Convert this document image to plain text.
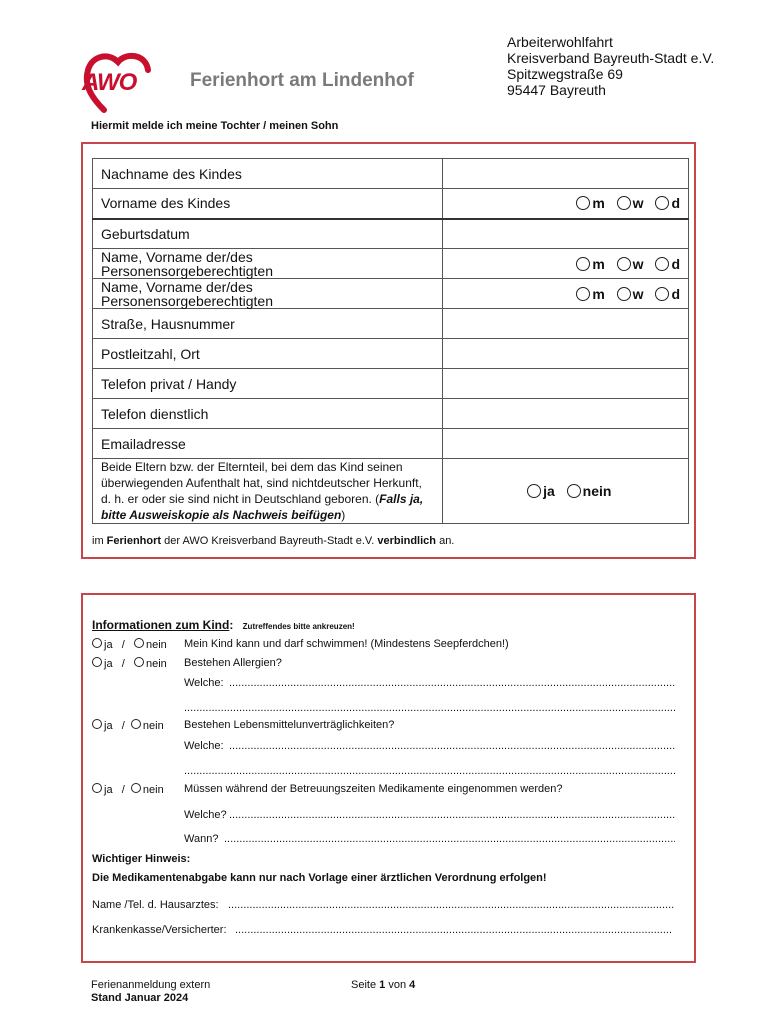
AWO	Ferienhort am Lindenhof
Arbeiterwohlfahrt
Kreisverband Bayreuth-Stadt e.V.
Spitzwegstraße 69
95447 Bayreuth
Hiermit melde ich meine Tochter / meinen Sohn
Nachname des Kindes	
Vorname des Kindes	m w d
Geburtsdatum	

Name, Vorname der/des
Personensorgeberechtigten	m w d

Name, Vorname der/des
Personensorgeberechtigten	m w d
Straße, Hausnummer	
Postleitzahl, Ort	
Telefon privat / Handy	
Telefon dienstlich	
Emailadresse	
Beide Eltern bzw. der Elternteil, bei dem das Kind seinen überwiegenden Aufenthalt hat, sind nichtdeutscher Herkunft, d. h. er oder sie sind nicht in Deutschland geboren. (Falls ja, bitte Ausweiskopie als Nachweis beifügen)	ja nein
im Ferienhort der AWO Kreisverband Bayreuth-Stadt e.V. verbindlich an.
Informationen zum Kind: Zutreffendes bitte ankreuzen!
ja / nein Mein Kind kann und darf schwimmen! (Mindestens Seepferdchen!)
ja / nein Bestehen Allergien?
Welche:
.....
.....
ja / nein Bestehen Lebensmittelunverträglichkeiten?
Welche:
.....
.....
ja / nein Müssen während der Betreuungszeiten Medikamente eingenommen werden?
Welche?
.....
Wann?
.....
Wichtiger Hinweis:
Die Medikamentenabgabe kann nur nach Vorlage einer ärztlichen Verordnung erfolgen!
Name /Tel. d. Hausarztes:
.....
Krankenkasse/Versicherter:
.....
Ferienanmeldung extern
Stand Januar 2024
Seite 1 von 4
